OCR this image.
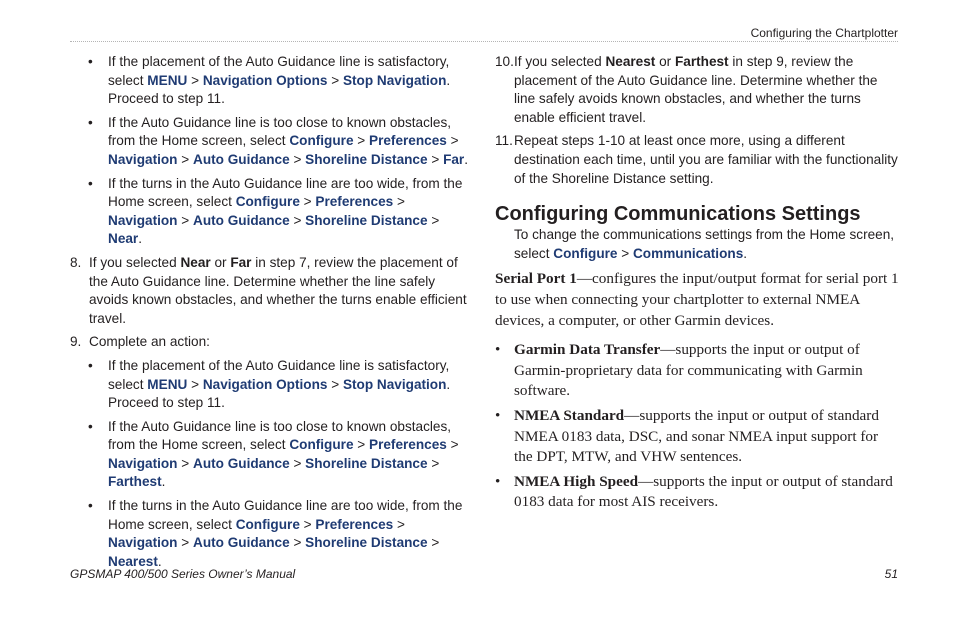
Configuring the Chartplotter
• If the placement of the Auto Guidance line is satisfactory, select MENU > Navigation Options > Stop Navigation. Proceed to step 11.
• If the Auto Guidance line is too close to known obstacles, from the Home screen, select Configure > Preferences > Navigation > Auto Guidance > Shoreline Distance > Far.
• If the turns in the Auto Guidance line are too wide, from the Home screen, select Configure > Preferences > Navigation > Auto Guidance > Shoreline Distance > Near.
8. If you selected Near or Far in step 7, review the placement of the Auto Guidance line. Determine whether the line safely avoids known obstacles, and whether the turns enable efficient travel.
9. Complete an action:
• If the placement of the Auto Guidance line is satisfactory, select MENU > Navigation Options > Stop Navigation. Proceed to step 11.
• If the Auto Guidance line is too close to known obstacles, from the Home screen, select Configure > Preferences > Navigation > Auto Guidance > Shoreline Distance > Farthest.
• If the turns in the Auto Guidance line are too wide, from the Home screen, select Configure > Preferences > Navigation > Auto Guidance > Shoreline Distance > Nearest.
10. If you selected Nearest or Farthest in step 9, review the placement of the Auto Guidance line. Determine whether the line safely avoids known obstacles, and whether the turns enable efficient travel.
11. Repeat steps 1-10 at least once more, using a different destination each time, until you are familiar with the functionality of the Shoreline Distance setting.
Configuring Communications Settings
To change the communications settings from the Home screen, select Configure > Communications.
Serial Port 1—configures the input/output format for serial port 1 to use when connecting your chartplotter to external NMEA devices, a computer, or other Garmin devices.
• Garmin Data Transfer—supports the input or output of Garmin-proprietary data for communicating with Garmin software.
• NMEA Standard—supports the input or output of standard NMEA 0183 data, DSC, and sonar NMEA input support for the DPT, MTW, and VHW sentences.
• NMEA High Speed—supports the input or output of standard 0183 data for most AIS receivers.
GPSMAP 400/500 Series Owner’s Manual	51
